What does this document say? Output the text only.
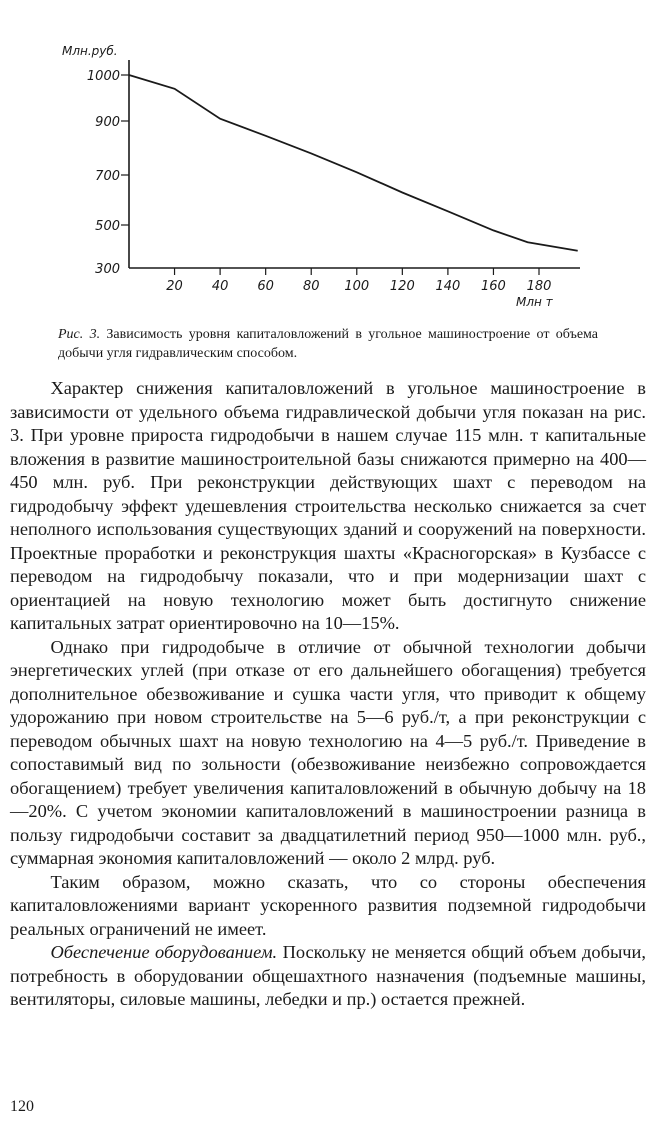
Млн.руб.
Млн т
1000
900
700
500
300
20 40 60 80 100 120 140 160 180
Рис. 3. Зависимость уровня капиталовложений в угольное машиностроение от объема добычи угля гидравлическим способом.

Характер снижения капиталовложений в угольное машиностроение в зависимости от удельного объема гидравлической добычи угля показан на рис. 3. При уровне прироста гидродобычи в нашем случае 115 млн. т капитальные вложения в развитие машиностроительной базы снижаются примерно на 400—450 млн. руб. При реконструкции действующих шахт с переводом на гидродобычу эффект удешевления строительства несколько снижается за счет неполного использования существующих зданий и сооружений на поверхности. Проектные проработки и реконструкция шахты «Красногорская» в Кузбассе с переводом на гидродобычу показали, что и при модернизации шахт с ориентацией на новую технологию может быть достигнуто снижение капитальных затрат ориентировочно на 10—15%.

Однако при гидродобыче в отличие от обычной технологии добычи энергетических углей (при отказе от его дальнейшего обогащения) требуется дополнительное обезвоживание и сушка части угля, что приводит к общему удорожанию при новом строительстве на 5—6 руб./т, а при реконструкции с переводом обычных шахт на новую технологию на 4—5 руб./т. Приведение в сопоставимый вид по зольности (обезвоживание неизбежно сопровождается обогащением) требует увеличения капиталовложений в обычную добычу на 18—20%. С учетом экономии капиталовложений в машиностроении разница в пользу гидродобычи составит за двадцатилетний период 950—1000 млн. руб., суммарная экономия капиталовложений — около 2 млрд. руб.

Таким образом, можно сказать, что со стороны обеспечения капиталовложениями вариант ускоренного развития подземной гидродобычи реальных ограничений не имеет.

Обеспечение оборудованием. Поскольку не меняется общий объем добычи, потребность в оборудовании общешахтного назначения (подъемные машины, вентиляторы, силовые машины, лебедки и пр.) остается прежней.

120
